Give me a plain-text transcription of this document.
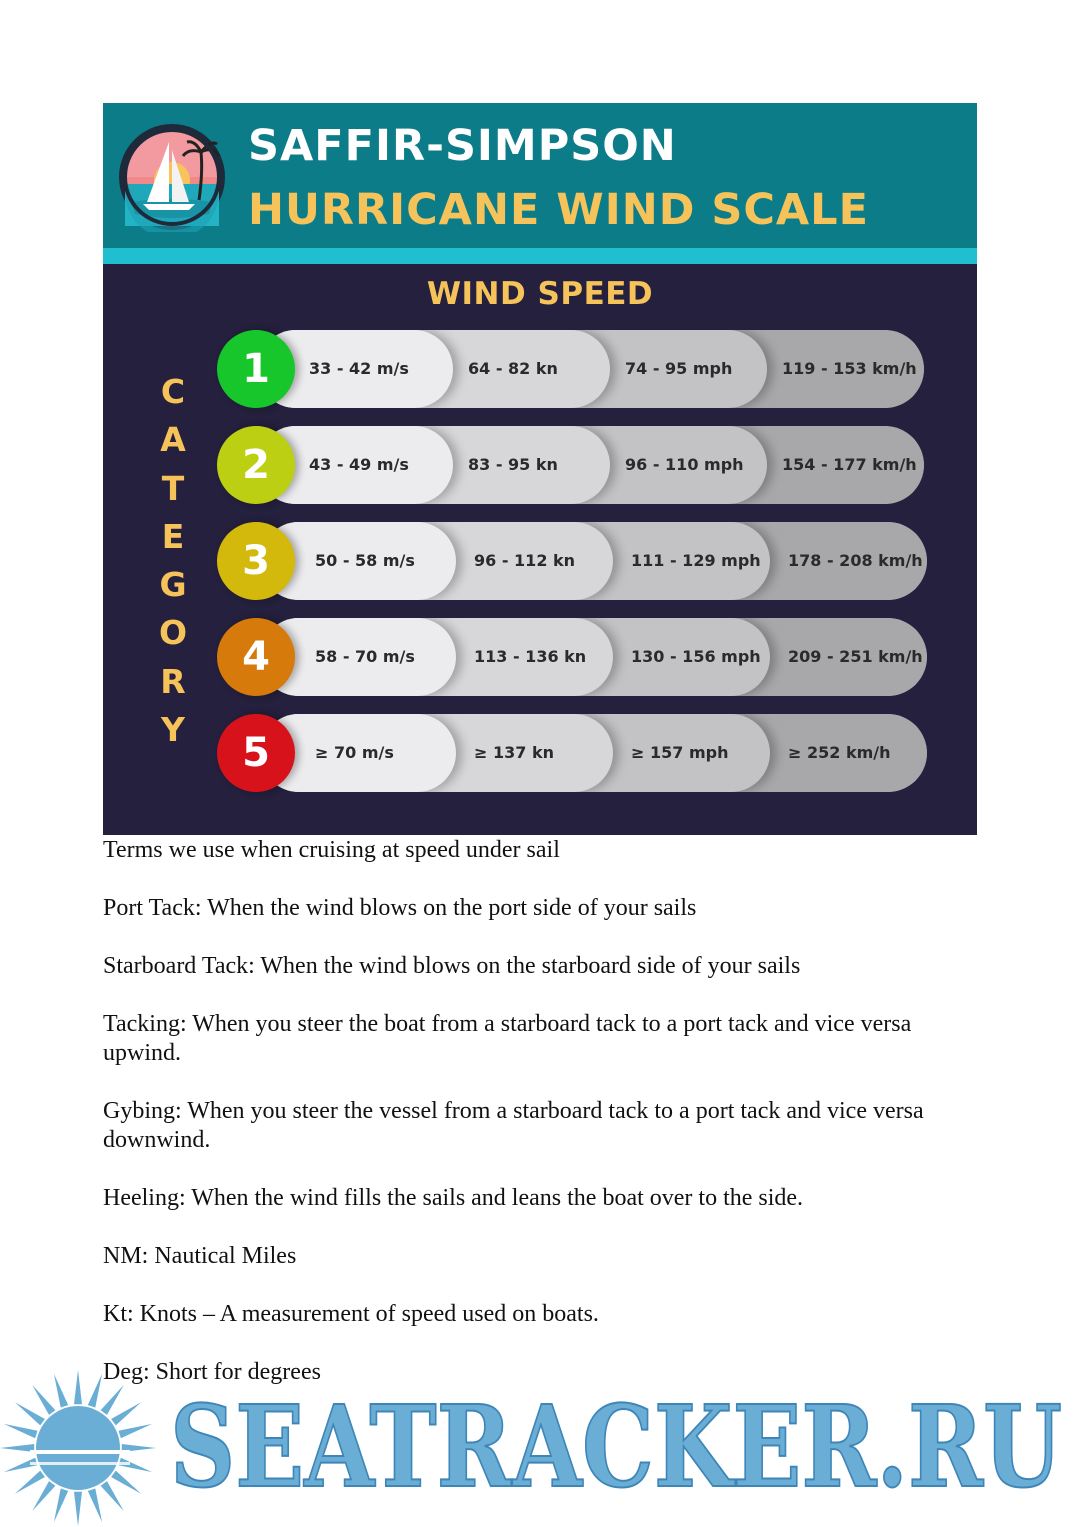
SAFFIR-SIMPSON
HURRICANE WIND SCALE
WIND SPEED
C
A
T
E
G
O
R
Y
119 - 153 km/h
74 - 95 mph
64 - 82 kn
33 - 42 m/s
1
154 - 177 km/h
96 - 110 mph
83 - 95 kn
43 - 49 m/s
2
178 - 208 km/h
111 - 129 mph
96 - 112 kn
50 - 58 m/s
3
209 - 251 km/h
130 - 156 mph
113 - 136 kn
58 - 70 m/s
4
≥ 252 km/h
≥ 157 mph
≥ 137 kn
≥ 70 m/s
5

Terms we use when cruising at speed under sail

Port Tack: When the wind blows on the port side of your sails

Starboard Tack: When the wind blows on the starboard side of your sails

Tacking: When you steer the boat from a starboard tack to a port tack and vice versa upwind.

Gybing: When you steer the vessel from a starboard tack to a port tack and vice versa downwind.

Heeling: When the wind fills the sails and leans the boat over to the side.

NM: Nautical Miles

Kt: Knots – A measurement of speed used on boats.

Deg: Short for degrees

SEATRACKER.RU
